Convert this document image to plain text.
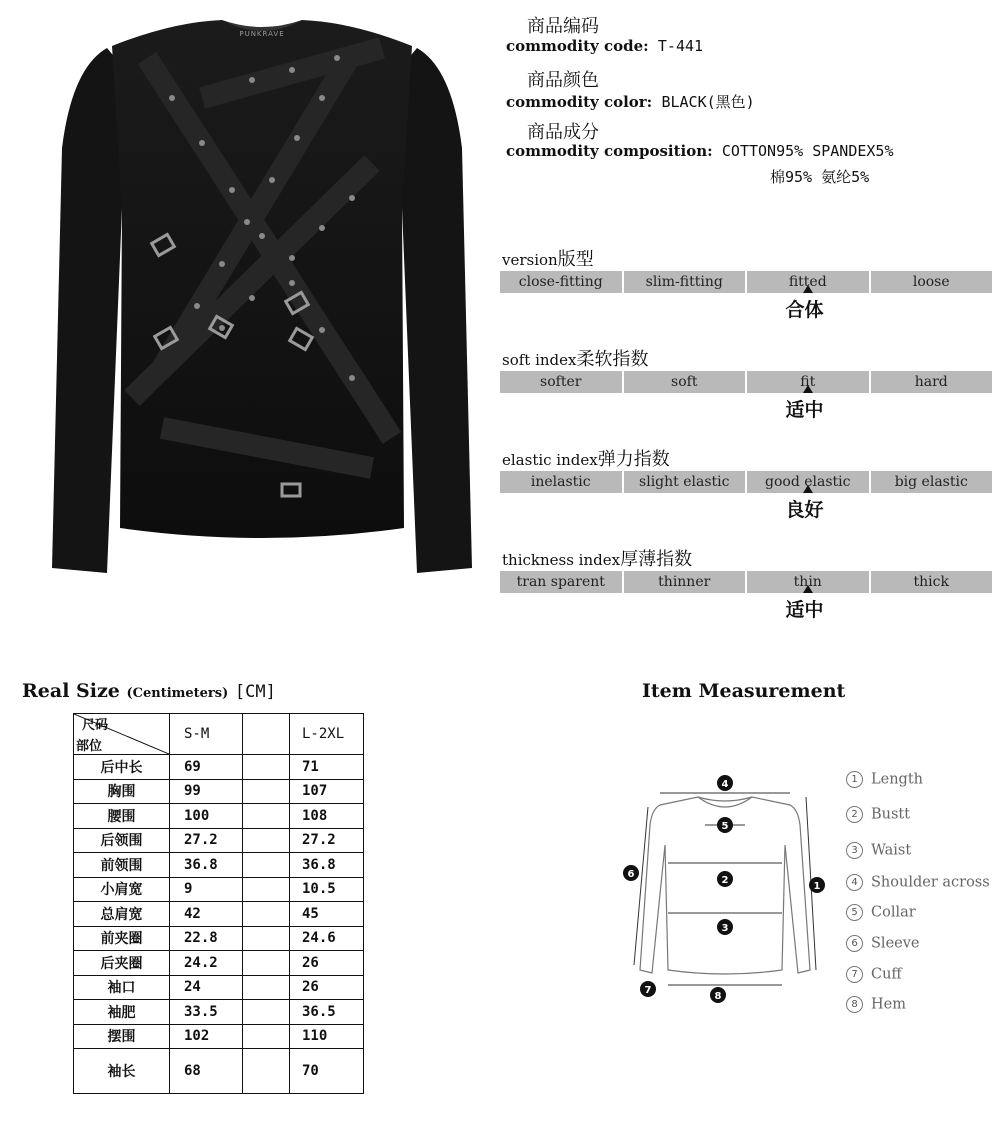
PUNKRAVE	商品编码
commodity code: T-441
商品颜色
commodity color: BLACK(黑色)
商品成分
commodity composition: COTTON95% SPANDEX5%
棉95% 氨纶5%
version版型
close-fitting	slim-fitting	fitted	loose
合体
soft index柔软指数
softer	soft	fit	hard
适中
elastic index弹力指数
inelastic	slight elastic	good elastic	big elastic
良好
thickness index厚薄指数
tran sparent	thinner	thin	thick
适中
Real Size (Centimeters) [CM]
尺码
部位	S-M		L-2XL
后中长	69		71
胸围	99		107
腰围	100		108
后领围	27.2		27.2
前领围	36.8		36.8
小肩宽	9		10.5
总肩宽	42		45
前夹圈	22.8		24.6
后夹圈	24.2		26
袖口	24		26
袖肥	33.5		36.5
摆围	102		110
袖长	68		70
Item Measurement
4
5
2
3
1
6
7
8
1 Length
2 Bustt
3 Waist
4 Shoulder across
5 Collar
6 Sleeve
7 Cuff
8 Hem
